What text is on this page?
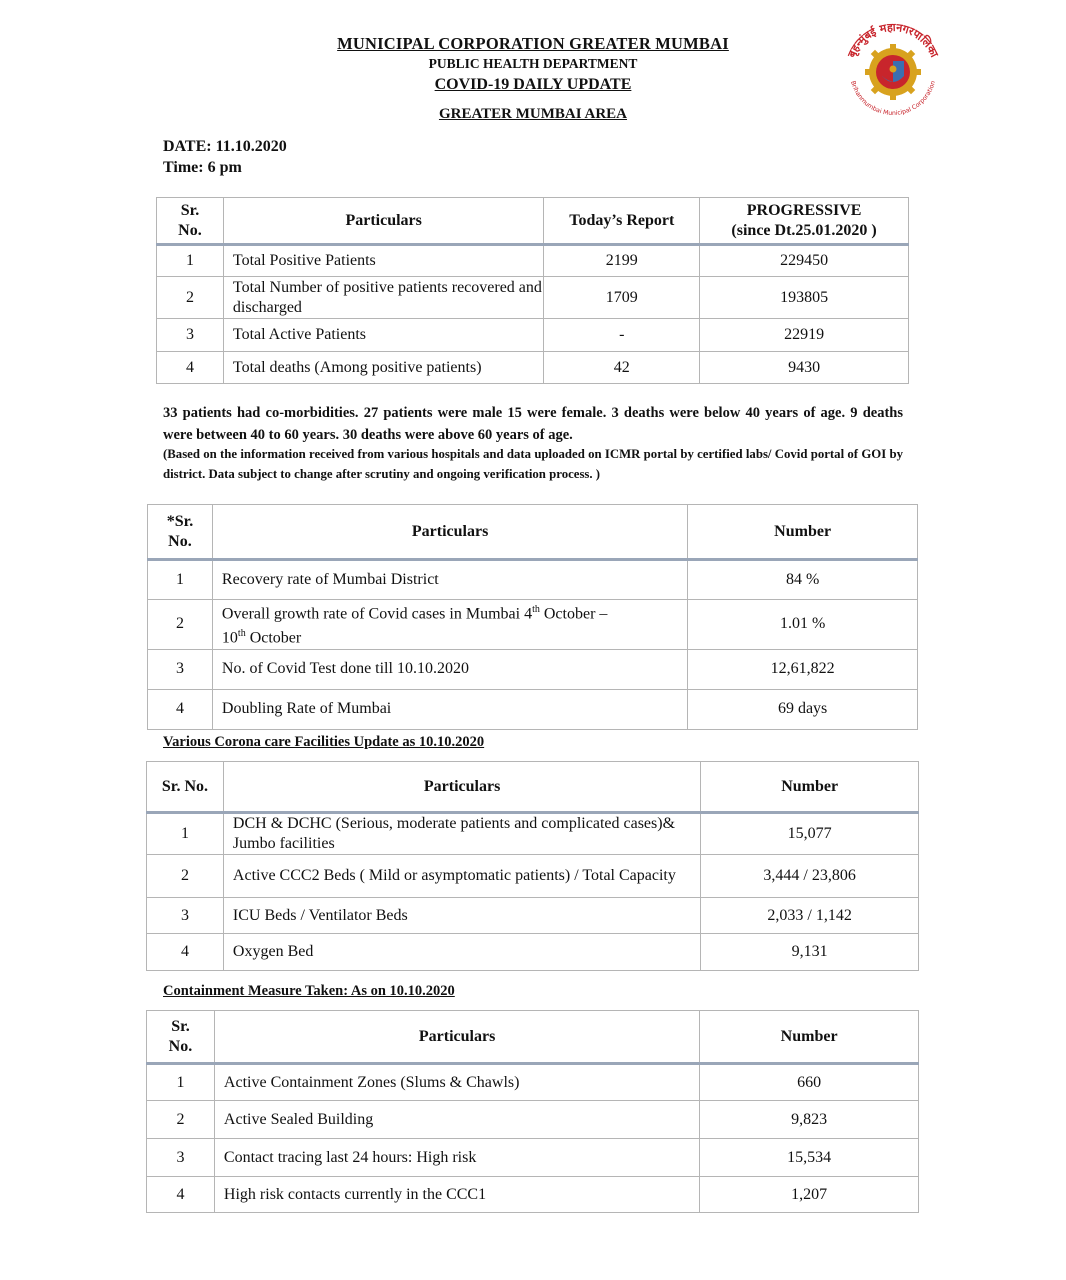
MUNICIPAL CORPORATION GREATER MUMBAI
PUBLIC HEALTH DEPARTMENT
COVID-19 DAILY UPDATE
GREATER MUMBAI AREA
बृहन्मुंबई महानगरपालिका
Brihanmumbai Municipal Corporation
DATE: 11.10.2020
Time: 6 pm
Sr.
No.	Particulars	Today’s Report	PROGRESSIVE
(since Dt.25.01.2020 )
1	Total Positive Patients	2199	229450
2	Total Number of positive patients recovered and discharged	1709	193805
3	Total Active Patients	-	22919
4	Total deaths (Among positive patients)	42	9430
33 patients had co-morbidities. 27 patients were male 15 were female. 3 deaths were below 40 years of age. 9 deaths were between 40 to 60 years. 30 deaths were above 60 years of age.
(Based on the information received from various hospitals and data uploaded on ICMR portal by certified labs/ Covid portal of GOI by district. Data subject to change after scrutiny and ongoing verification process. )
*Sr.
No.	Particulars	Number
1	Recovery rate of Mumbai District	84 %
2	Overall growth rate of Covid cases in Mumbai 4th October –
10th October	1.01 %
3	No. of Covid Test done till 10.10.2020	12,61,822
4	Doubling Rate of Mumbai	69 days
Various Corona care Facilities Update as 10.10.2020
Sr. No.	Particulars	Number
1	DCH & DCHC (Serious, moderate patients and complicated cases)& Jumbo facilities	15,077
2	Active CCC2 Beds ( Mild or asymptomatic patients) / Total Capacity	3,444 / 23,806
3	ICU Beds / Ventilator Beds	2,033 / 1,142
4	Oxygen Bed	9,131
Containment Measure Taken: As on 10.10.2020
Sr.
No.	Particulars	Number
1	Active Containment Zones (Slums & Chawls)	660
2	Active Sealed Building	9,823
3	Contact tracing last 24 hours: High risk	15,534
4	High risk contacts currently in the CCC1	1,207
